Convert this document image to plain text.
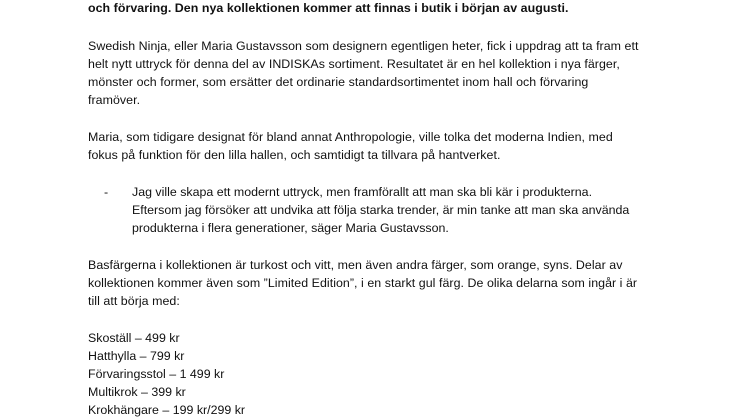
och förvaring. Den nya kollektionen kommer att finnas i butik i början av augusti.

Swedish Ninja, eller Maria Gustavsson som designern egentligen heter, fick i uppdrag att ta fram ett
helt nytt uttryck för denna del av INDISKAs sortiment. Resultatet är en hel kollektion i nya färger,
mönster och former, som ersätter det ordinarie standardsortimentet inom hall och förvaring
framöver.

Maria, som tidigare designat för bland annat Anthropologie, ville tolka det moderna Indien, med
fokus på funktion för den lilla hallen, och samtidigt ta tillvara på hantverket.

- Jag ville skapa ett modernt uttryck, men framförallt att man ska bli kär i produkterna.
Eftersom jag försöker att undvika att följa starka trender, är min tanke att man ska använda
produkterna i flera generationer, säger Maria Gustavsson.

Basfärgerna i kollektionen är turkost och vitt, men även andra färger, som orange, syns. Delar av
kollektionen kommer även som ”Limited Edition”, i en starkt gul färg. De olika delarna som ingår i är
till att börja med:

Skoställ – 499 kr
Hatthylla – 799 kr
Förvaringsstol – 1 499 kr
Multikrok – 399 kr
Krokhängare – 199 kr/299 kr
